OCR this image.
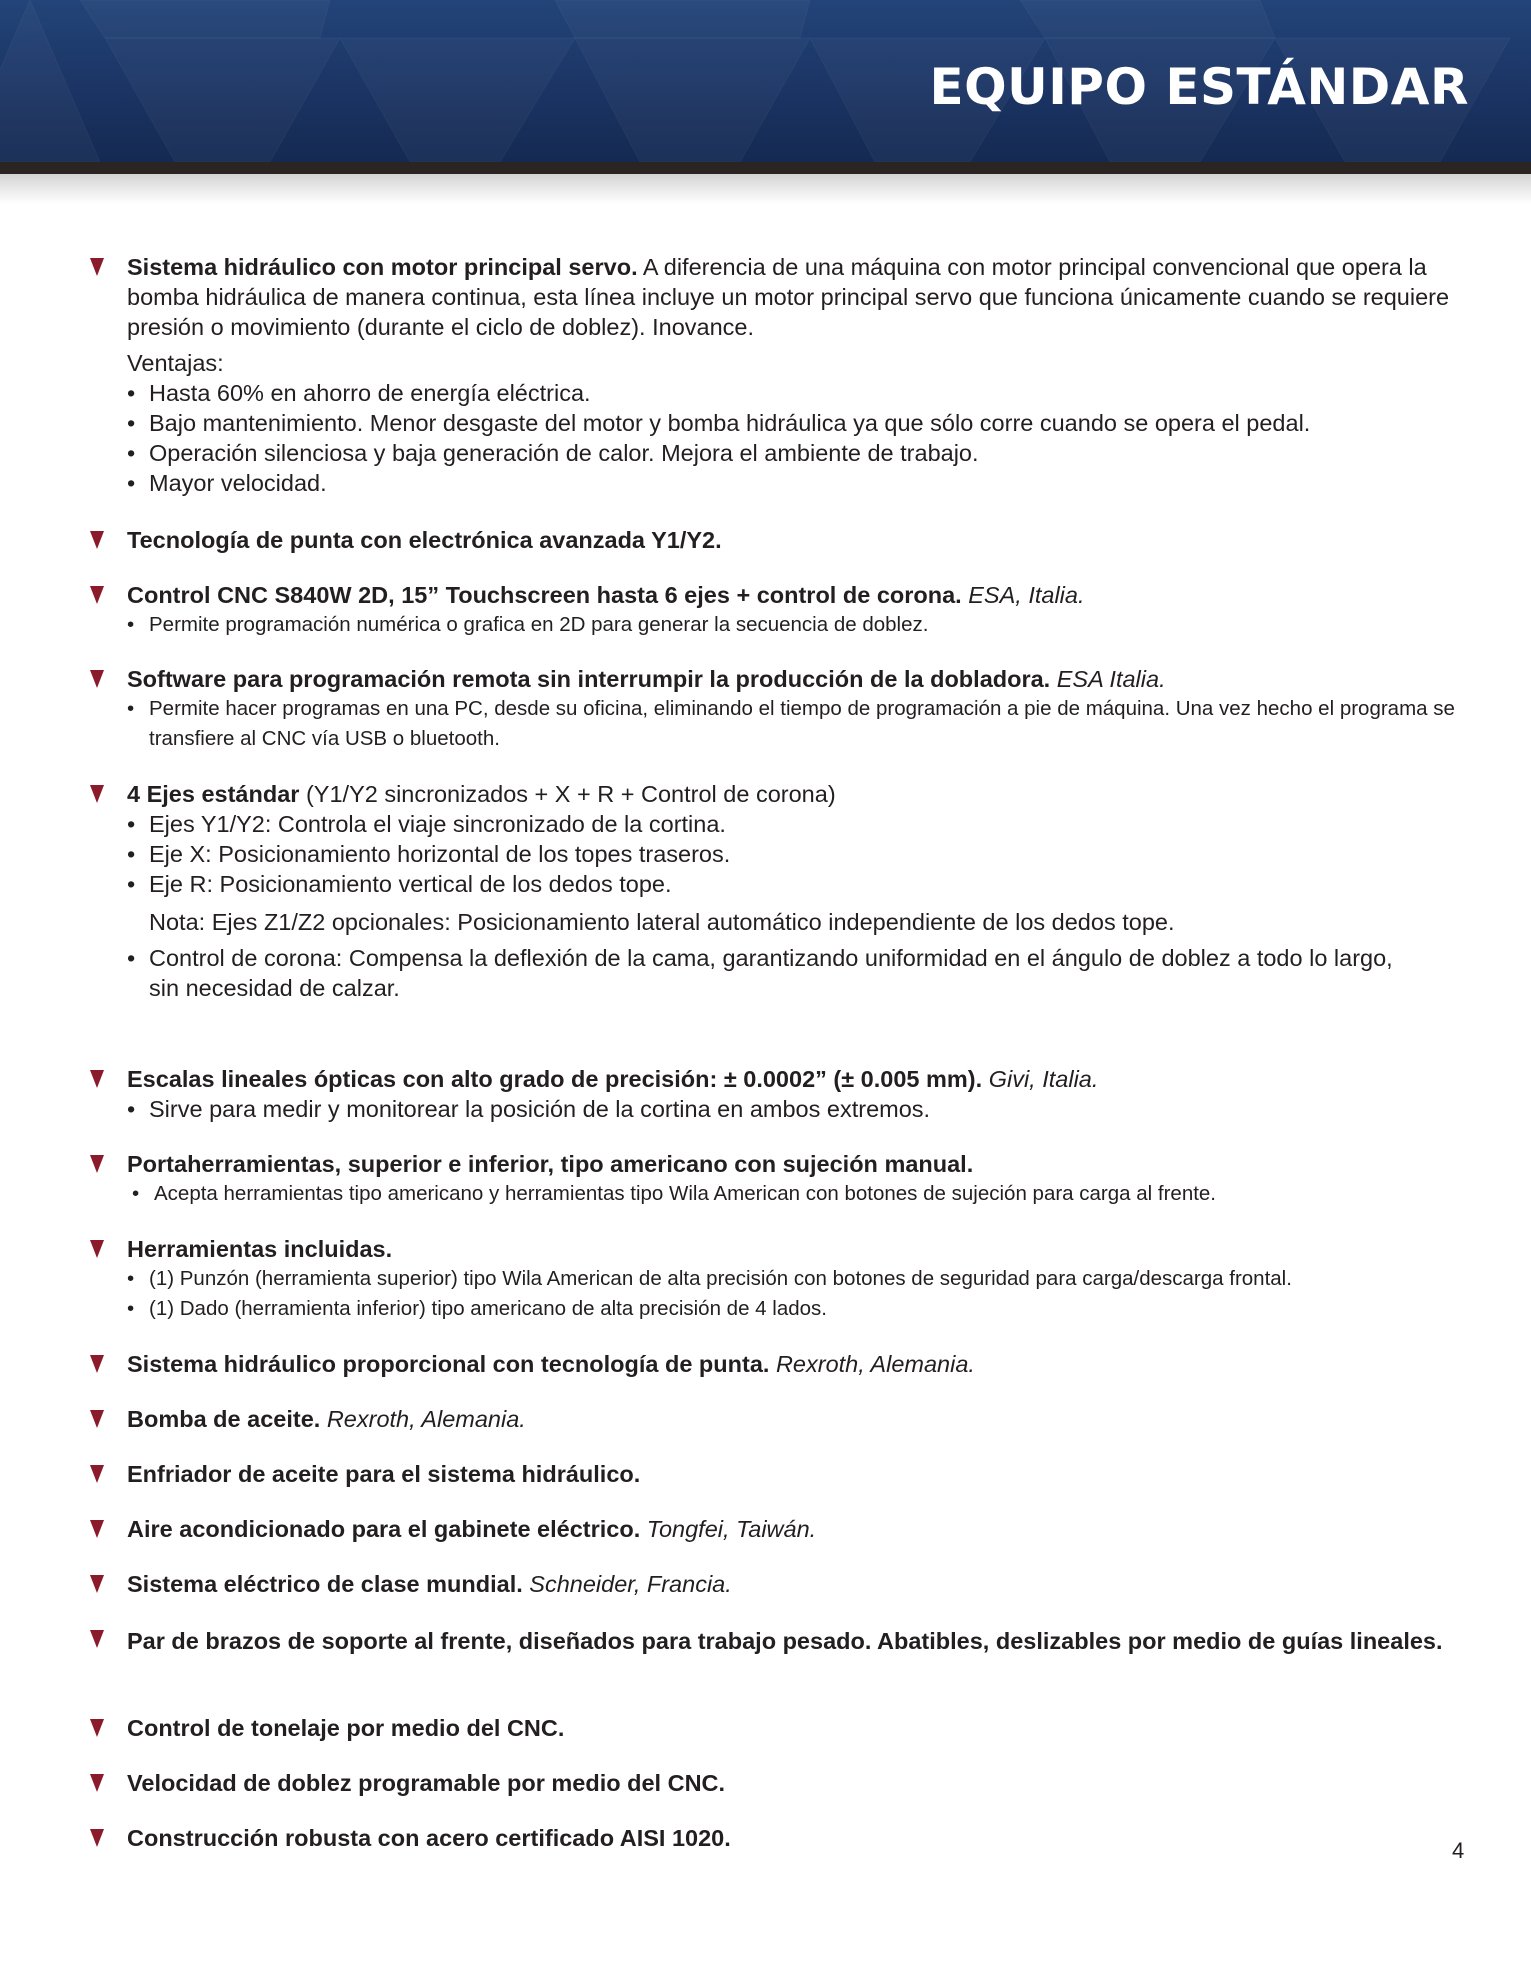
EQUIPO ESTÁNDAR
Sistema hidráulico con motor principal servo. A diferencia de una máquina con motor principal convencional que opera la bomba hidráulica de manera continua, esta línea incluye un motor principal servo que funciona únicamente cuando se requiere presión o movimiento (durante el ciclo de doblez). Inovance.
Ventajas:
• Hasta 60% en ahorro de energía eléctrica.
• Bajo mantenimiento. Menor desgaste del motor y bomba hidráulica ya que sólo corre cuando se opera el pedal.
• Operación silenciosa y baja generación de calor. Mejora el ambiente de trabajo.
• Mayor velocidad.
Tecnología de punta con electrónica avanzada Y1/Y2.
Control CNC S840W 2D, 15” Touchscreen hasta 6 ejes + control de corona. ESA, Italia.
• Permite programación numérica o grafica en 2D para generar la secuencia de doblez.
Software para programación remota sin interrumpir la producción de la dobladora. ESA Italia.
• Permite hacer programas en una PC, desde su oficina, eliminando el tiempo de programación a pie de máquina. Una vez hecho el programa se transfiere al CNC vía USB o bluetooth.
4 Ejes estándar (Y1/Y2 sincronizados + X + R + Control de corona)
• Ejes Y1/Y2: Controla el viaje sincronizado de la cortina.
• Eje X: Posicionamiento horizontal de los topes traseros.
• Eje R: Posicionamiento vertical de los dedos tope.
Nota: Ejes Z1/Z2 opcionales: Posicionamiento lateral automático independiente de los dedos tope.
• Control de corona: Compensa la deflexión de la cama, garantizando uniformidad en el ángulo de doblez a todo lo largo,
sin necesidad de calzar.
Escalas lineales ópticas con alto grado de precisión: ± 0.0002” (± 0.005 mm). Givi, Italia.
• Sirve para medir y monitorear la posición de la cortina en ambos extremos.
Portaherramientas, superior e inferior, tipo americano con sujeción manual.
• Acepta herramientas tipo americano y herramientas tipo Wila American con botones de sujeción para carga al frente.
Herramientas incluidas.
• (1) Punzón (herramienta superior) tipo Wila American de alta precisión con botones de seguridad para carga/descarga frontal.
• (1) Dado (herramienta inferior) tipo americano de alta precisión de 4 lados.
Sistema hidráulico proporcional con tecnología de punta. Rexroth, Alemania.
Bomba de aceite. Rexroth, Alemania.
Enfriador de aceite para el sistema hidráulico.
Aire acondicionado para el gabinete eléctrico. Tongfei, Taiwán.
Sistema eléctrico de clase mundial. Schneider, Francia.
Par de brazos de soporte al frente, diseñados para trabajo pesado. Abatibles, deslizables por medio de guías lineales.
Control de tonelaje por medio del CNC.
Velocidad de doblez programable por medio del CNC.
Construcción robusta con acero certificado AISI 1020.	4
